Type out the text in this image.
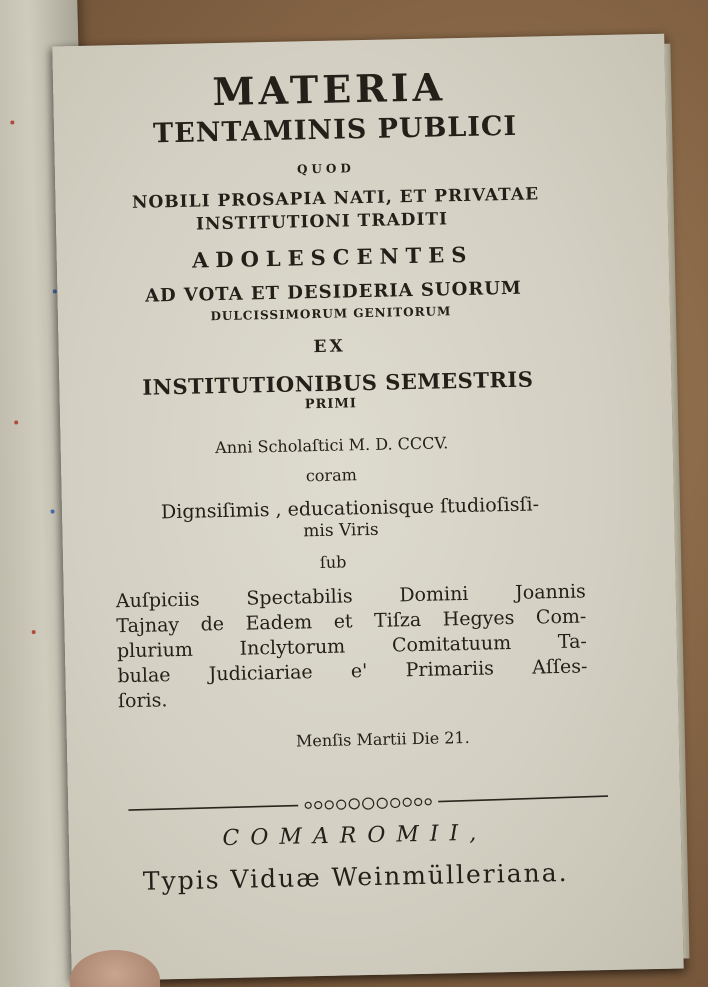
MATERIA
TENTAMINIS PUBLICI
QUOD
NOBILI PROSAPIA NATI, ET PRIVATAE
INSTITUTIONI TRADITI
ADOLESCENTES
AD VOTA ET DESIDERIA SUORUM
DULCISSIMORUM GENITORUM
EX
INSTITUTIONIBUS SEMESTRIS
PRIMI
Anni Scholaſtici M. D. CCCV.
coram
Dignsiſimis , educationisque ſtudioſisſi-
mis Viris
ſub
Auſpiciis Spectabilis Domini Joannis
Tajnay de Eadem et Tiſza Hegyes Com-
plurium Inclytorum Comitatuum Ta-
bulae Judiciariae e' Primariis Aſſes-
ſoris.
Menſis Martii Die 21.
COMAROMII,
Typis Viduæ Weinmülleriana.
